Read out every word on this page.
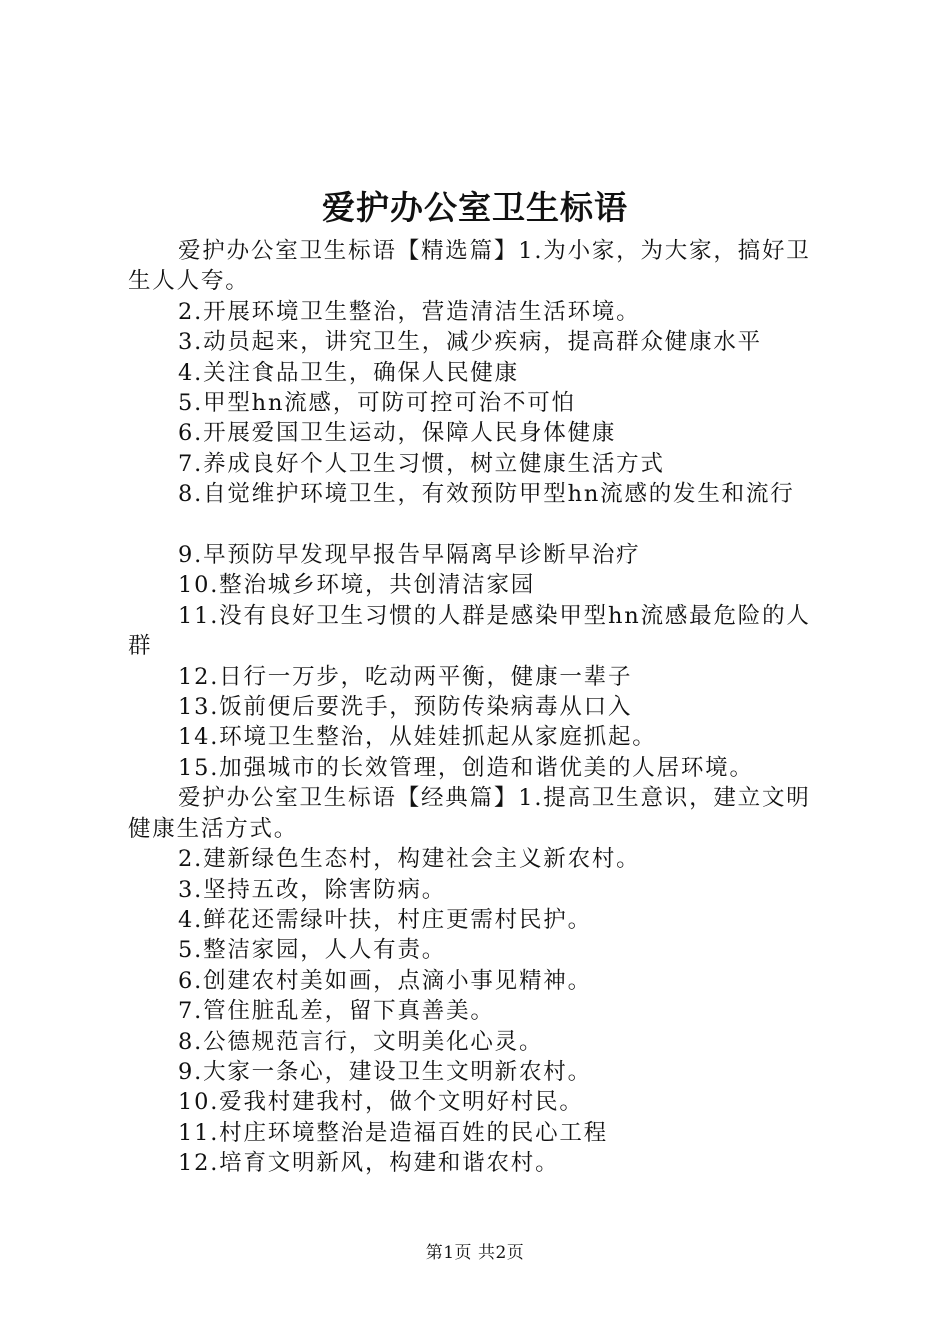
爱护办公室卫生标语

爱护办公室卫生标语【精选篇】1.为小家，为大家，搞好卫生人人夸。

2.开展环境卫生整治，营造清洁生活环境。

3.动员起来，讲究卫生，减少疾病，提高群众健康水平

4.关注食品卫生，确保人民健康

5.甲型hn流感，可防可控可治不可怕

6.开展爱国卫生运动，保障人民身体健康

7.养成良好个人卫生习惯，树立健康生活方式

8.自觉维护环境卫生，有效预防甲型hn流感的发生和流行

9.早预防早发现早报告早隔离早诊断早治疗

10.整治城乡环境，共创清洁家园

11.没有良好卫生习惯的人群是感染甲型hn流感最危险的人群

12.日行一万步，吃动两平衡，健康一辈子

13.饭前便后要洗手，预防传染病毒从口入

14.环境卫生整治，从娃娃抓起从家庭抓起。

15.加强城市的长效管理，创造和谐优美的人居环境。

爱护办公室卫生标语【经典篇】1.提高卫生意识，建立文明健康生活方式。

2.建新绿色生态村，构建社会主义新农村。

3.坚持五改，除害防病。

4.鲜花还需绿叶扶，村庄更需村民护。

5.整洁家园，人人有责。

6.创建农村美如画，点滴小事见精神。

7.管住脏乱差，留下真善美。

8.公德规范言行，文明美化心灵。

9.大家一条心，建设卫生文明新农村。

10.爱我村建我村，做个文明好村民。

11.村庄环境整治是造福百姓的民心工程

12.培育文明新风，构建和谐农村。

第1页 共2页
